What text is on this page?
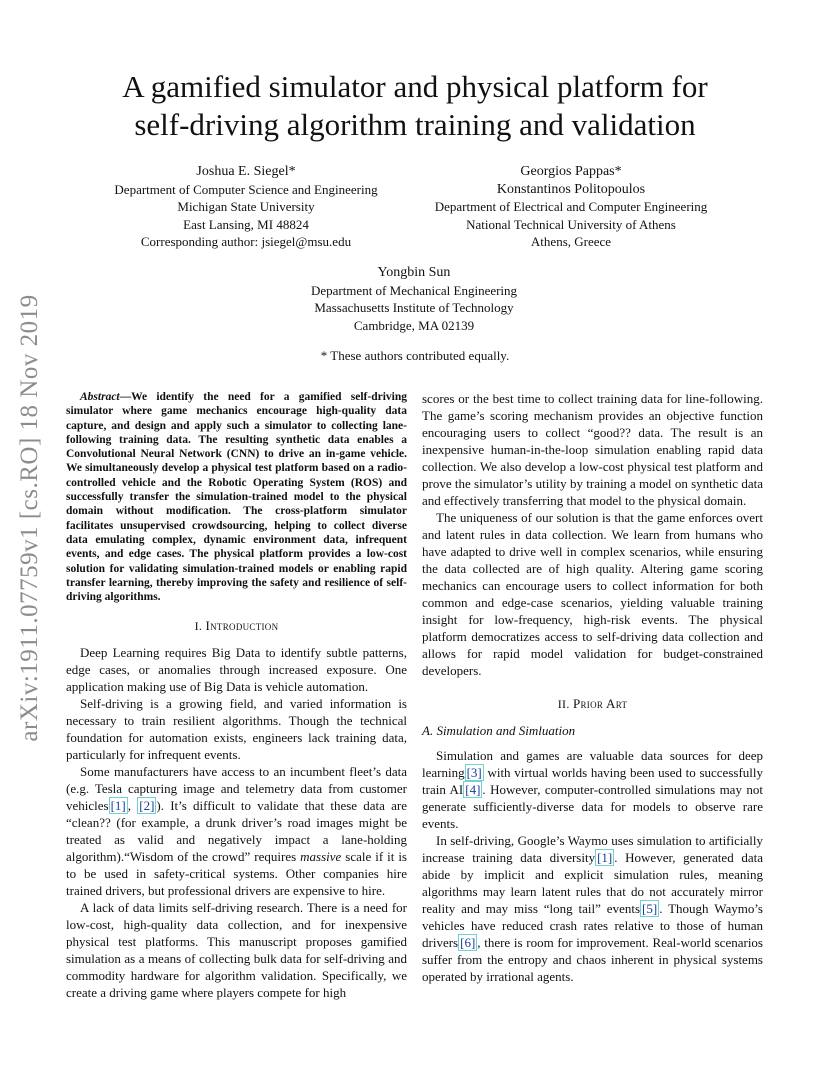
arXiv:1911.07759v1 [cs.RO] 18 Nov 2019
A gamified simulator and physical platform for
self-driving algorithm training and validation
Joshua E. Siegel*
Department of Computer Science and Engineering
Michigan State University
East Lansing, MI 48824
Corresponding author: jsiegel@msu.edu
Georgios Pappas*
Konstantinos Politopoulos
Department of Electrical and Computer Engineering
National Technical University of Athens
Athens, Greece
Yongbin Sun
Department of Mechanical Engineering
Massachusetts Institute of Technology
Cambridge, MA 02139
* These authors contributed equally.

Abstract—We identify the need for a gamified self-driving simulator where game mechanics encourage high-quality data capture, and design and apply such a simulator to collecting lane-following training data. The resulting synthetic data enables a Convolutional Neural Network (CNN) to drive an in-game vehicle. We simultaneously develop a physical test platform based on a radio-controlled vehicle and the Robotic Operating System (ROS) and successfully transfer the simulation-trained model to the physical domain without modification. The cross-platform simulator facilitates unsupervised crowdsourcing, helping to collect diverse data emulating complex, dynamic environment data, infrequent events, and edge cases. The physical platform provides a low-cost solution for validating simulation-trained models or enabling rapid transfer learning, thereby improving the safety and resilience of self-driving algorithms.

I. Introduction

Deep Learning requires Big Data to identify subtle patterns, edge cases, or anomalies through increased exposure. One application making use of Big Data is vehicle automation.

Self-driving is a growing field, and varied information is necessary to train resilient algorithms. Though the technical foundation for automation exists, engineers lack training data, particularly for infrequent events.

Some manufacturers have access to an incumbent fleet’s data (e.g. Tesla capturing image and telemetry data from customer vehicles [1] , [2] ). It’s difficult to validate that these data are “clean?? (for example, a drunk driver’s road images might be treated as valid and negatively impact a lane-holding algorithm).“Wisdom of the crowd” requires massive scale if it is to be used in safety-critical systems. Other companies hire trained drivers, but professional drivers are expensive to hire.

A lack of data limits self-driving research. There is a need for low-cost, high-quality data collection, and for inexpensive physical test platforms. This manuscript proposes gamified simulation as a means of collecting bulk data for self-driving and commodity hardware for algorithm validation. Specifically, we create a driving game where players compete for high

scores or the best time to collect training data for line-following. The game’s scoring mechanism provides an objective function encouraging users to collect “good?? data. The result is an inexpensive human-in-the-loop simulation enabling rapid data collection. We also develop a low-cost physical test platform and prove the simulator’s utility by training a model on synthetic data and effectively transferring that model to the physical domain.

The uniqueness of our solution is that the game enforces overt and latent rules in data collection. We learn from humans who have adapted to drive well in complex scenarios, while ensuring the data collected are of high quality. Altering game scoring mechanics can encourage users to collect information for both common and edge-case scenarios, yielding valuable training insight for low-frequency, high-risk events. The physical platform democratizes access to self-driving data collection and allows for rapid model validation for budget-constrained developers.

II. Prior Art
A. Simulation and Simluation

Simulation and games are valuable data sources for deep learning [3] with virtual worlds having been used to successfully train AI [4] . However, computer-controlled simulations may not generate sufficiently-diverse data for models to observe rare events.

In self-driving, Google’s Waymo uses simulation to artificially increase training data diversity [1] . However, generated data abide by implicit and explicit simulation rules, meaning algorithms may learn latent rules that do not accurately mirror reality and may miss “long tail” events [5] . Though Waymo’s vehicles have reduced crash rates relative to those of human drivers [6] , there is room for improvement. Real-world scenarios suffer from the entropy and chaos inherent in physical systems operated by irrational agents.
